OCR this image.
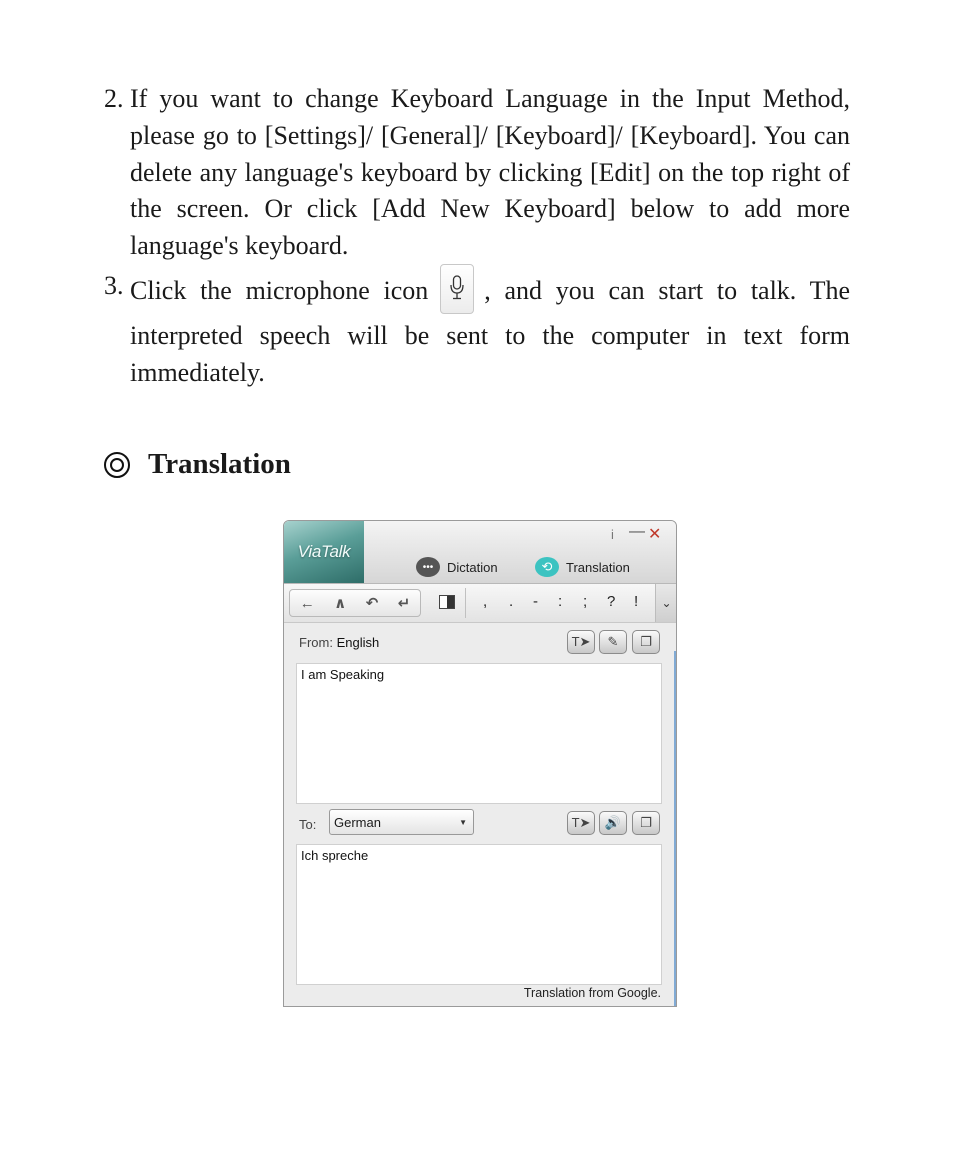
2. If you want to change Keyboard Language in the Input Method, please go to [Settings]/ [General]/ [Keyboard]/ [Keyboard]. You can delete any language's keyboard by clicking [Edit] on the top right of the screen. Or click [Add New Keyboard] below to add more language's keyboard.
3. Click the microphone icon , and you can start to talk. The interpreted speech will be sent to the computer in text form immediately.
Translation
ViaTalk
i — ✕
•••	Dictation	⟲	Translation
← ∧ ↶ ↵	, . - : ; ? !	⌄
From: English	T➤ ✎ ❐
I am Speaking
To: German	▼	T➤ 🔊 ❐
Ich spreche
Translation from Google.
